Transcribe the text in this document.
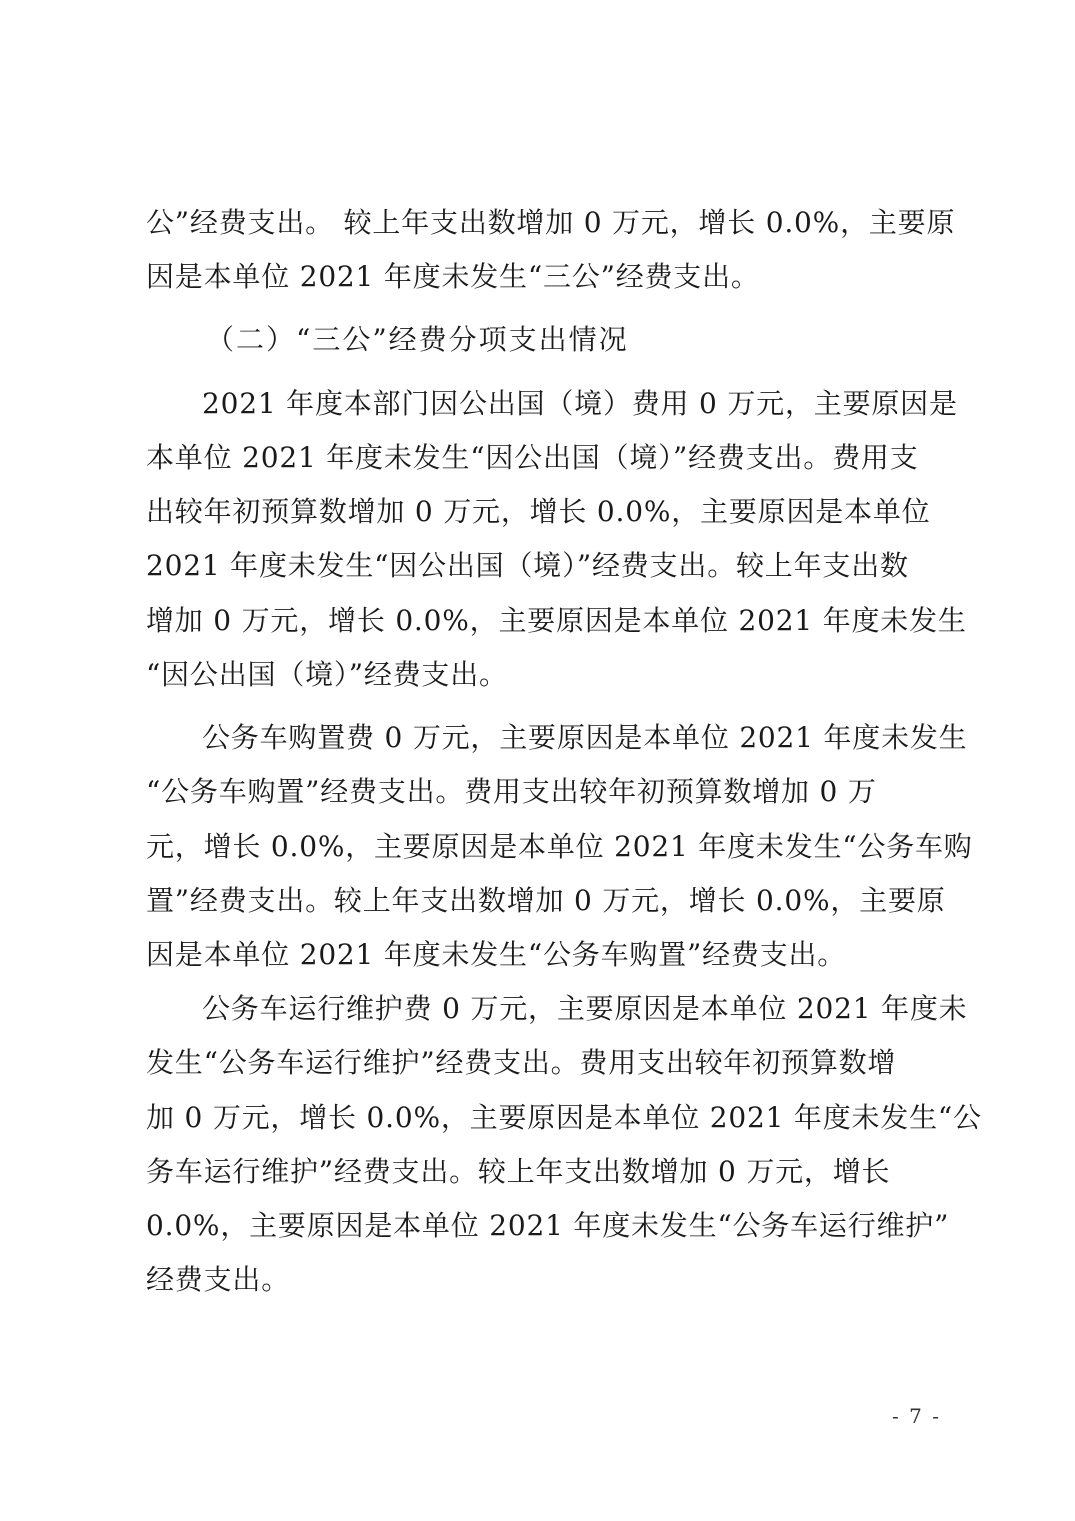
公”经费支出。 较上年支出数增加 0 万元，增长 0.0%，主要原

因是本单位 2021 年度未发生“三公”经费支出。

（二）“三公”经费分项支出情况

2021 年度本部门因公出国（境）费用 0 万元，主要原因是

本单位 2021 年度未发生“因公出国（境）”经费支出。费用支

出较年初预算数增加 0 万元，增长 0.0%，主要原因是本单位

2021 年度未发生“因公出国（境）”经费支出。较上年支出数

增加 0 万元，增长 0.0%，主要原因是本单位 2021 年度未发生

“因公出国（境）”经费支出。

公务车购置费 0 万元，主要原因是本单位 2021 年度未发生

“公务车购置”经费支出。费用支出较年初预算数增加 0 万

元，增长 0.0%，主要原因是本单位 2021 年度未发生“公务车购

置”经费支出。较上年支出数增加 0 万元，增长 0.0%，主要原

因是本单位 2021 年度未发生“公务车购置”经费支出。

公务车运行维护费 0 万元，主要原因是本单位 2021 年度未

发生“公务车运行维护”经费支出。费用支出较年初预算数增

加 0 万元，增长 0.0%，主要原因是本单位 2021 年度未发生“公

务车运行维护”经费支出。较上年支出数增加 0 万元，增长

0.0%，主要原因是本单位 2021 年度未发生“公务车运行维护”

经费支出。

- 7 -
